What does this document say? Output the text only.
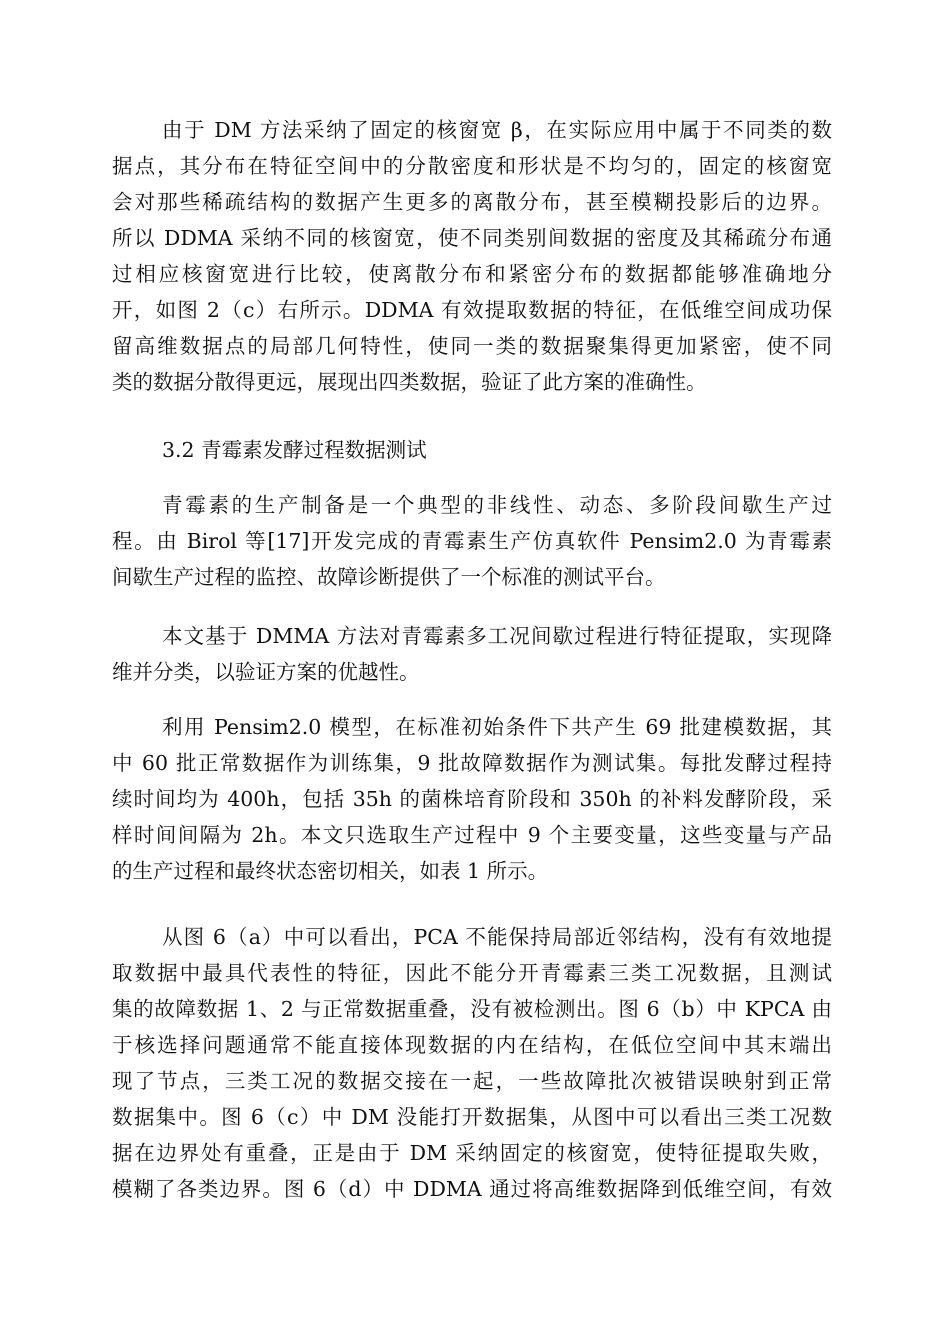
由于 DM 方法采纳了固定的核窗宽 β，在实际应用中属于不同类的数
据点，其分布在特征空间中的分散密度和形状是不均匀的，固定的核窗宽
会对那些稀疏结构的数据产生更多的离散分布，甚至模糊投影后的边界。
所以 DDMA 采纳不同的核窗宽，使不同类别间数据的密度及其稀疏分布通
过相应核窗宽进行比较，使离散分布和紧密分布的数据都能够准确地分
开，如图 2（c）右所示。DDMA 有效提取数据的特征，在低维空间成功保
留高维数据点的局部几何特性，使同一类的数据聚集得更加紧密，使不同
类的数据分散得更远，展现出四类数据，验证了此方案的准确性。
3.2 青霉素发酵过程数据测试
青霉素的生产制备是一个典型的非线性、动态、多阶段间歇生产过
程。由 Birol 等[17]开发完成的青霉素生产仿真软件 Pensim2.0 为青霉素
间歇生产过程的监控、故障诊断提供了一个标准的测试平台。
本文基于 DMMA 方法对青霉素多工况间歇过程进行特征提取，实现降
维并分类，以验证方案的优越性。
利用 Pensim2.0 模型，在标准初始条件下共产生 69 批建模数据，其
中 60 批正常数据作为训练集，9 批故障数据作为测试集。每批发酵过程持
续时间均为 400h，包括 35h 的菌株培育阶段和 350h 的补料发酵阶段，采
样时间间隔为 2h。本文只选取生产过程中 9 个主要变量，这些变量与产品
的生产过程和最终状态密切相关，如表 1 所示。
从图 6（a）中可以看出，PCA 不能保持局部近邻结构，没有有效地提
取数据中最具代表性的特征，因此不能分开青霉素三类工况数据，且测试
集的故障数据 1、2 与正常数据重叠，没有被检测出。图 6（b）中 KPCA 由
于核选择问题通常不能直接体现数据的内在结构，在低位空间中其末端出
现了节点，三类工况的数据交接在一起，一些故障批次被错误映射到正常
数据集中。图 6（c）中 DM 没能打开数据集，从图中可以看出三类工况数
据在边界处有重叠，正是由于 DM 采纳固定的核窗宽，使特征提取失败，
模糊了各类边界。图 6（d）中 DDMA 通过将高维数据降到低维空间，有效
